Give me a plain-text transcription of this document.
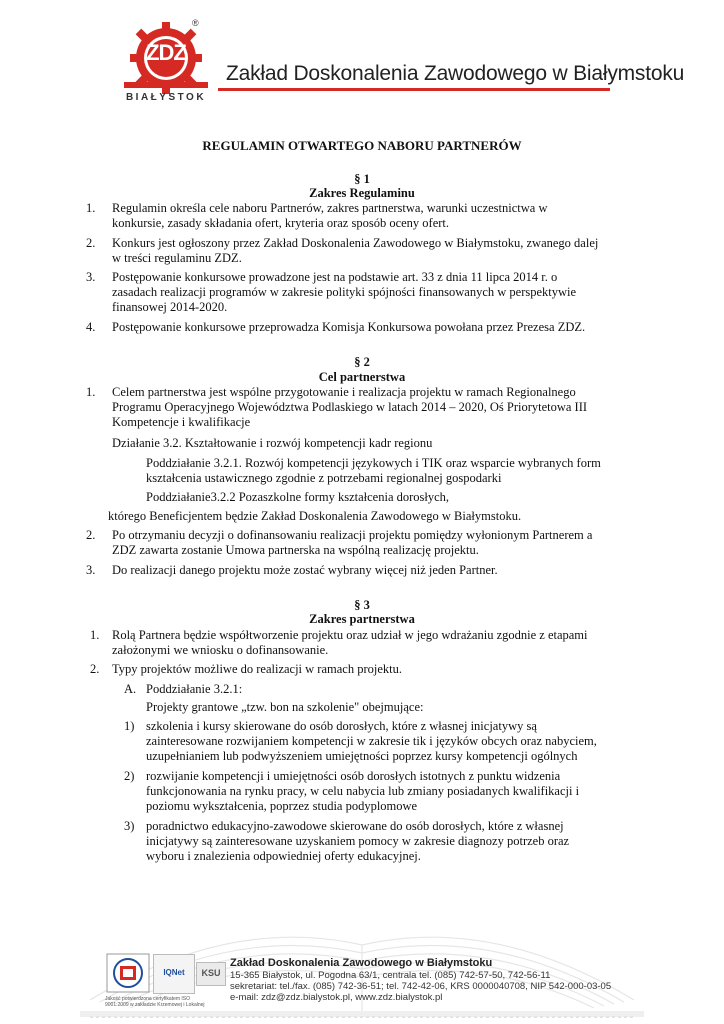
ZDZ
®
BIAŁYSTOK
Zakład Doskonalenia Zawodowego w Białymstoku
REGULAMIN OTWARTEGO NABORU PARTNERÓW
§ 1
Zakres Regulaminu
1. Regulamin określa cele naboru Partnerów, zakres partnerstwa, warunki uczestnictwa w
konkursie, zasady składania ofert, kryteria oraz sposób oceny ofert.
2. Konkurs jest ogłoszony przez Zakład Doskonalenia Zawodowego w Białymstoku, zwanego dalej
w treści regulaminu ZDZ.
3. Postępowanie konkursowe prowadzone jest na podstawie art. 33 z dnia 11 lipca 2014 r. o
zasadach realizacji programów w zakresie polityki spójności finansowanych w perspektywie
finansowej 2014-2020.
4. Postępowanie konkursowe przeprowadza Komisja Konkursowa powołana przez Prezesa ZDZ.
§ 2
Cel partnerstwa
1. Celem partnerstwa jest wspólne przygotowanie i realizacja projektu w ramach Regionalnego
Programu Operacyjnego Województwa Podlaskiego w latach 2014 – 2020, Oś Priorytetowa III
Kompetencje i kwalifikacje
Działanie 3.2. Kształtowanie i rozwój kompetencji kadr regionu
Poddziałanie 3.2.1. Rozwój kompetencji językowych i TIK oraz wsparcie wybranych form
kształcenia ustawicznego zgodnie z potrzebami regionalnej gospodarki
Poddziałanie3.2.2 Pozaszkolne formy kształcenia dorosłych,
którego Beneficjentem będzie Zakład Doskonalenia Zawodowego w Białymstoku.
2. Po otrzymaniu decyzji o dofinansowaniu realizacji projektu pomiędzy wyłonionym Partnerem a
ZDZ zawarta zostanie Umowa partnerska na wspólną realizację projektu.
3. Do realizacji danego projektu może zostać wybrany więcej niż jeden Partner.
§ 3
Zakres partnerstwa
1. Rolą Partnera będzie współtworzenie projektu oraz udział w jego wdrażaniu zgodnie z etapami
założonymi we wniosku o dofinansowanie.
2. Typy projektów możliwe do realizacji w ramach projektu.
A. Poddziałanie 3.2.1:
Projekty grantowe „tzw. bon na szkolenie" obejmujące:
1) szkolenia i kursy skierowane do osób dorosłych, które z własnej inicjatywy są
zainteresowane rozwijaniem kompetencji w zakresie tik i języków obcych oraz nabyciem,
uzupełnianiem lub podwyższeniem umiejętności poprzez kursy kompetencji ogólnych
2) rozwijanie kompetencji i umiejętności osób dorosłych istotnych z punktu widzenia
funkcjonowania na rynku pracy, w celu nabycia lub zmiany posiadanych kwalifikacji i
poziomu wykształcenia, poprzez studia podyplomowe
3) poradnictwo edukacyjno-zawodowe skierowane do osób dorosłych, które z własnej
inicjatywy są zainteresowane uzyskaniem pomocy w zakresie diagnozy potrzeb oraz
wyboru i znalezienia odpowiedniej oferty edukacyjnej.
IQNet	KSU
Jakość potwierdzona certyfikatem ISO 9001:2009 w zakładzie Krzemowej i Lokalnej
Zakład Doskonalenia Zawodowego w Białymstoku
15-365 Białystok, ul. Pogodna 63/1, centrala tel. (085) 742-57-50, 742-56-11
sekretariat: tel./fax. (085) 742-36-51; tel. 742-42-06, KRS 0000040708, NIP 542-000-03-05
e-mail: zdz@zdz.bialystok.pl, www.zdz.bialystok.pl
